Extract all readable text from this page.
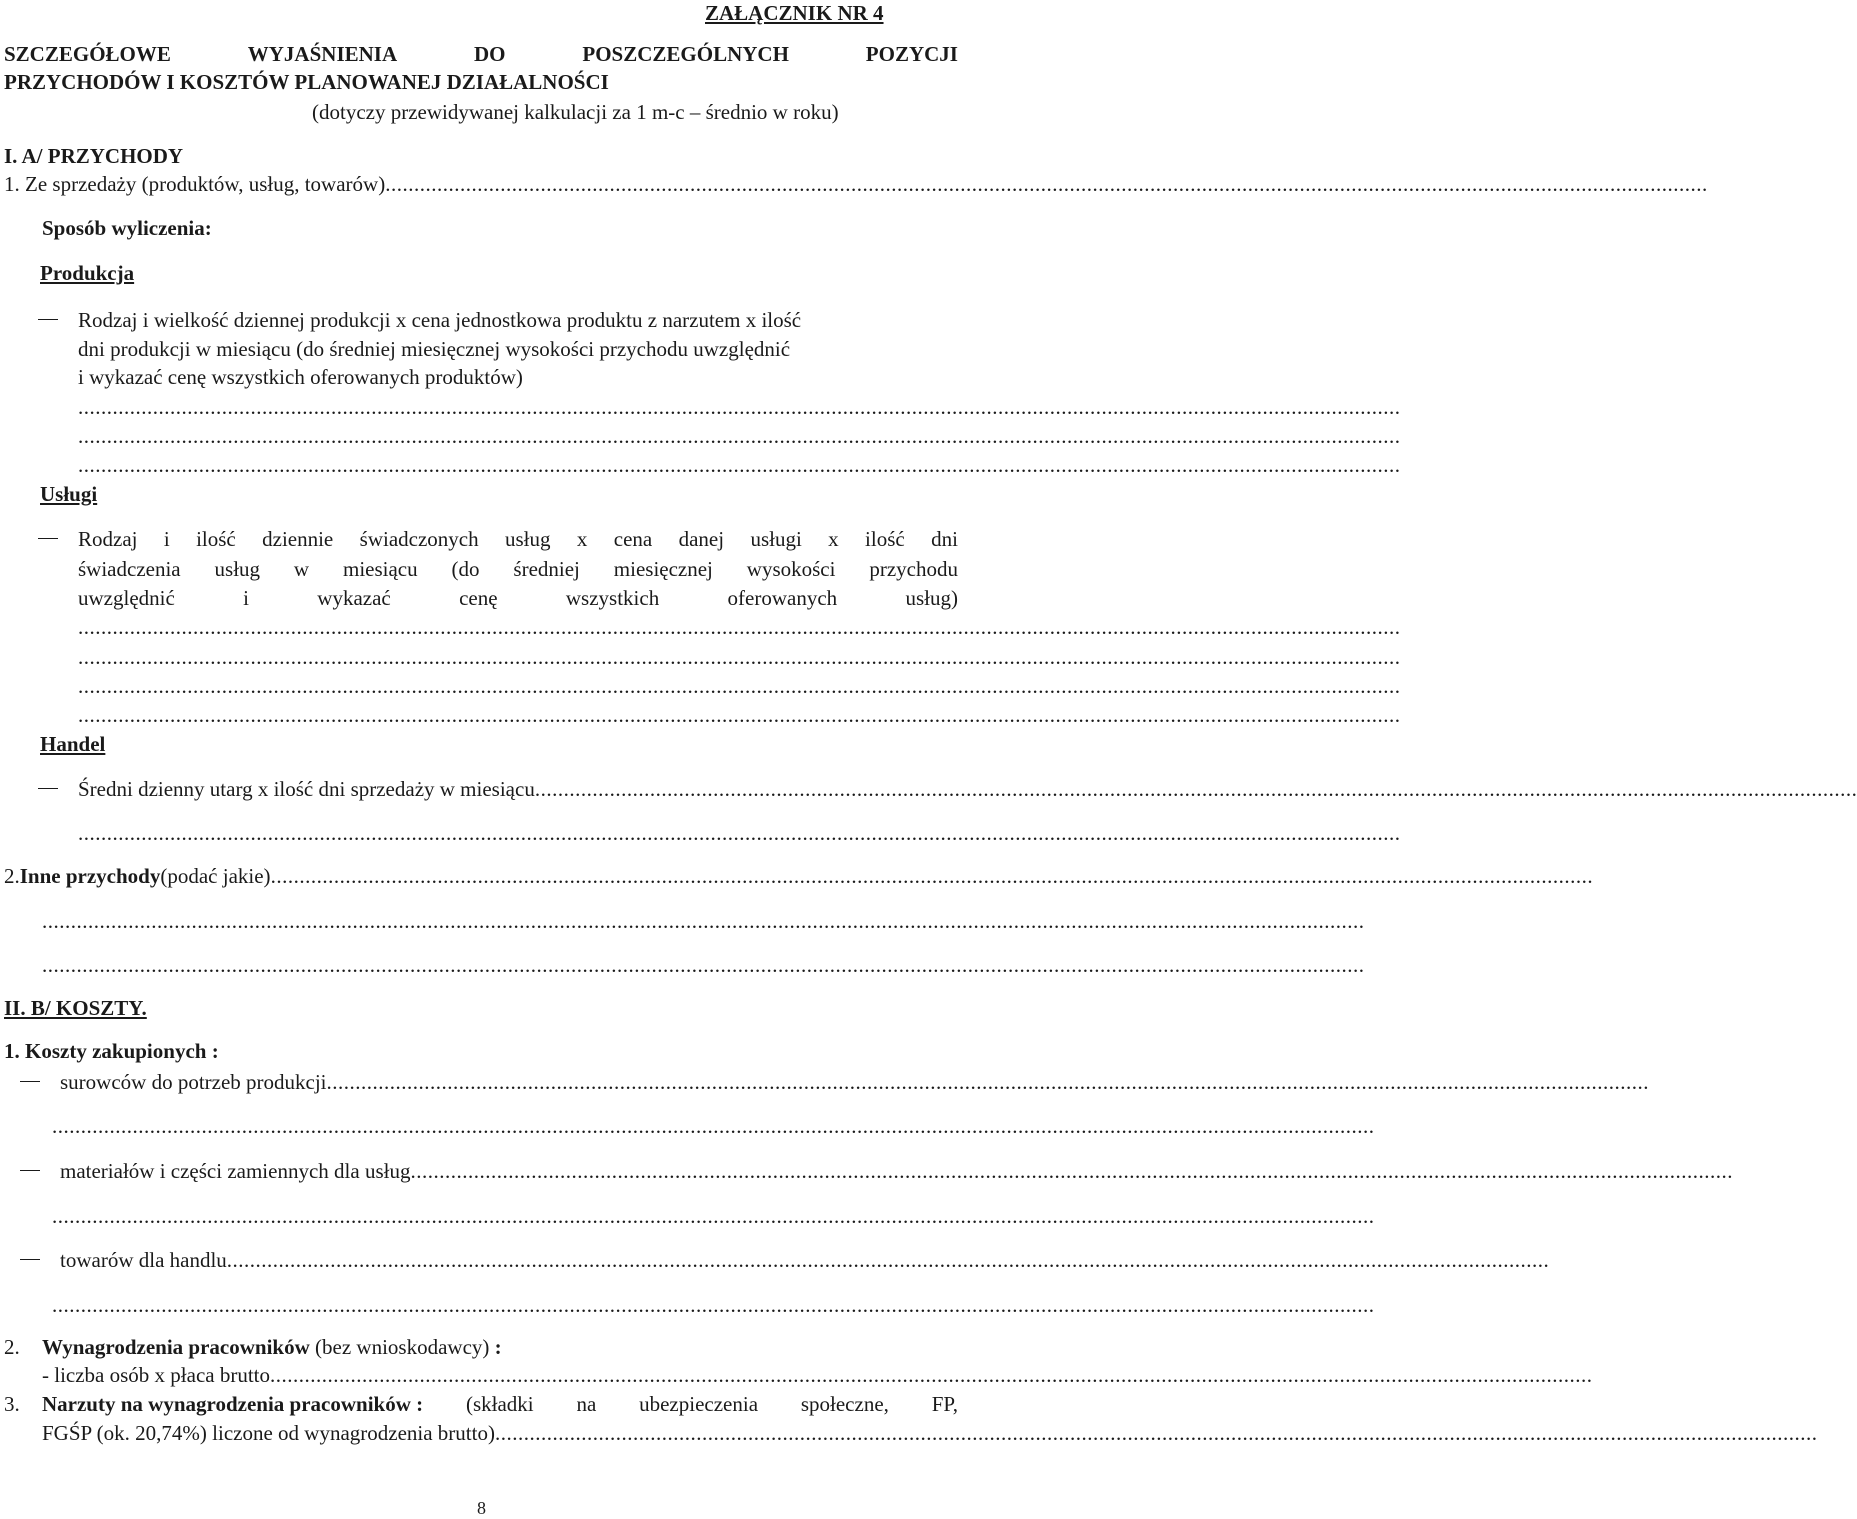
ZAŁĄCZNIK NR 4
SZCZEGÓŁOWE	WYJAŚNIENIA	DO	POSZCZEGÓLNYCH	POZYCJI
PRZYCHODÓW I KOSZTÓW PLANOWANEJ DZIAŁALNOŚCI
(dotyczy przewidywanej kalkulacji za 1 m-c – średnio w roku)
I. A/ PRZYCHODY
1. Ze sprzedaży (produktów, usług, towarów) ......................................................................................................................................................................................................................................
Sposób wyliczenia:
Produkcja
Rodzaj i wielkość dziennej produkcji x cena jednostkowa produktu z narzutem x ilość
dni produkcji w miesiącu (do średniej miesięcznej wysokości przychodu uwzględnić
i wykazać cenę wszystkich oferowanych produktów)
......................................................................................................................................................................................................................................
......................................................................................................................................................................................................................................
......................................................................................................................................................................................................................................
Usługi
Rodzaj i ilość dziennie świadczonych usług x cena danej usługi x ilość dni
świadczenia usług w miesiącu (do średniej miesięcznej wysokości przychodu
uwzględnić	i	wykazać	cenę	wszystkich	oferowanych	usług)
......................................................................................................................................................................................................................................
......................................................................................................................................................................................................................................
......................................................................................................................................................................................................................................
......................................................................................................................................................................................................................................
Handel
Średni dzienny utarg x ilość dni sprzedaży w miesiącu ......................................................................................................................................................................................................................................
......................................................................................................................................................................................................................................
2. Inne przychody (podać jakie) ......................................................................................................................................................................................................................................
......................................................................................................................................................................................................................................
......................................................................................................................................................................................................................................
II. B/ KOSZTY.
1. Koszty zakupionych :
surowców do potrzeb produkcji ......................................................................................................................................................................................................................................
......................................................................................................................................................................................................................................
materiałów i części zamiennych dla usług ......................................................................................................................................................................................................................................
......................................................................................................................................................................................................................................
towarów dla handlu ......................................................................................................................................................................................................................................
......................................................................................................................................................................................................................................
2. Wynagrodzenia pracowników (bez wnioskodawcy) :
- liczba osób x płaca brutto ......................................................................................................................................................................................................................................
3. Narzuty na wynagrodzenia pracowników : (składki na ubezpieczenia społeczne, FP,
FGŚP (ok. 20,74%) liczone od wynagrodzenia brutto) ......................................................................................................................................................................................................................................
8
